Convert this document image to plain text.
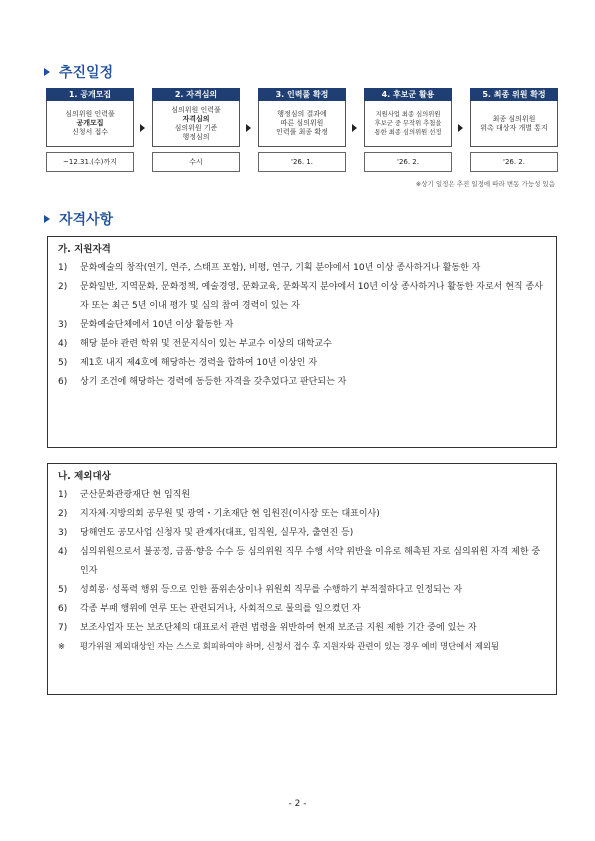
추진일정
1. 공개모집
심의위원 인력풀
공개모집
신청서 접수
~12.31.(수)까지
2. 자격심의
심의위원 인력풀
자격심의
심의위원 기준
행정심의
수시
3. 인력풀 확정
행정심의 결과에
따른 심의위원
인력풀 최종 확정
'26. 1.
4. 후보군 활용
지원사업 최종 심의위원
후보군 중 무작위 추첨을
통한 최종 심의위원 선정
'26. 2.
5. 최종 위원 확정
최종 심의위원
위촉 대상자 개별 통지
'26. 2.
※상기 일정은 추진 일정에 따라 변동 가능성 있음
자격사항
가. 지원자격
1)	문화예술의 창작(연기, 연주, 스태프 포함), 비평, 연구, 기획 분야에서 10년 이상 종사하거나 활동한 자
2)	문화일반, 지역문화, 문화정책, 예술경영, 문화교육, 문화복지 분야에서 10년 이상 종사하거나 활동한 자로서 현직 종사자 또는 최근 5년 이내 평가 및 심의 참여 경력이 있는 자
3)	문화예술단체에서 10년 이상 활동한 자
4)	해당 분야 관련 학위 및 전문지식이 있는 부교수 이상의 대학교수
5)	제1호 내지 제4호에 해당하는 경력을 합하여 10년 이상인 자
6)	상기 조건에 해당하는 경력에 동등한 자격을 갖추었다고 판단되는 자
나. 제외대상
1)	군산문화관광재단 현 임직원
2)	지자체·지방의회 공무원 및 광역・기초재단 현 임원진(이사장 또는 대표이사)
3)	당해연도 공모사업 신청자 및 관계자(대표, 임직원, 실무자, 출연진 등)
4)	심의위원으로서 불공정, 금품·향응 수수 등 심의위원 직무 수행 서약 위반을 이유로 해촉된 자로 심의위원 자격 제한 중인자
5)	성희롱· 성폭력 행위 등으로 인한 품위손상이나 위원회 직무를 수행하기 부적절하다고 인정되는 자
6)	각종 부패 행위에 연루 또는 관련되거나, 사회적으로 물의를 일으켰던 자
7)	보조사업자 또는 보조단체의 대표로서 관련 법령을 위반하여 현재 보조금 지원 제한 기간 중에 있는 자
※	평가위원 제외대상인 자는 스스로 회피하여야 하며, 신청서 접수 후 지원자와 관련이 있는 경우 예비 명단에서 제외됨
- 2 -
